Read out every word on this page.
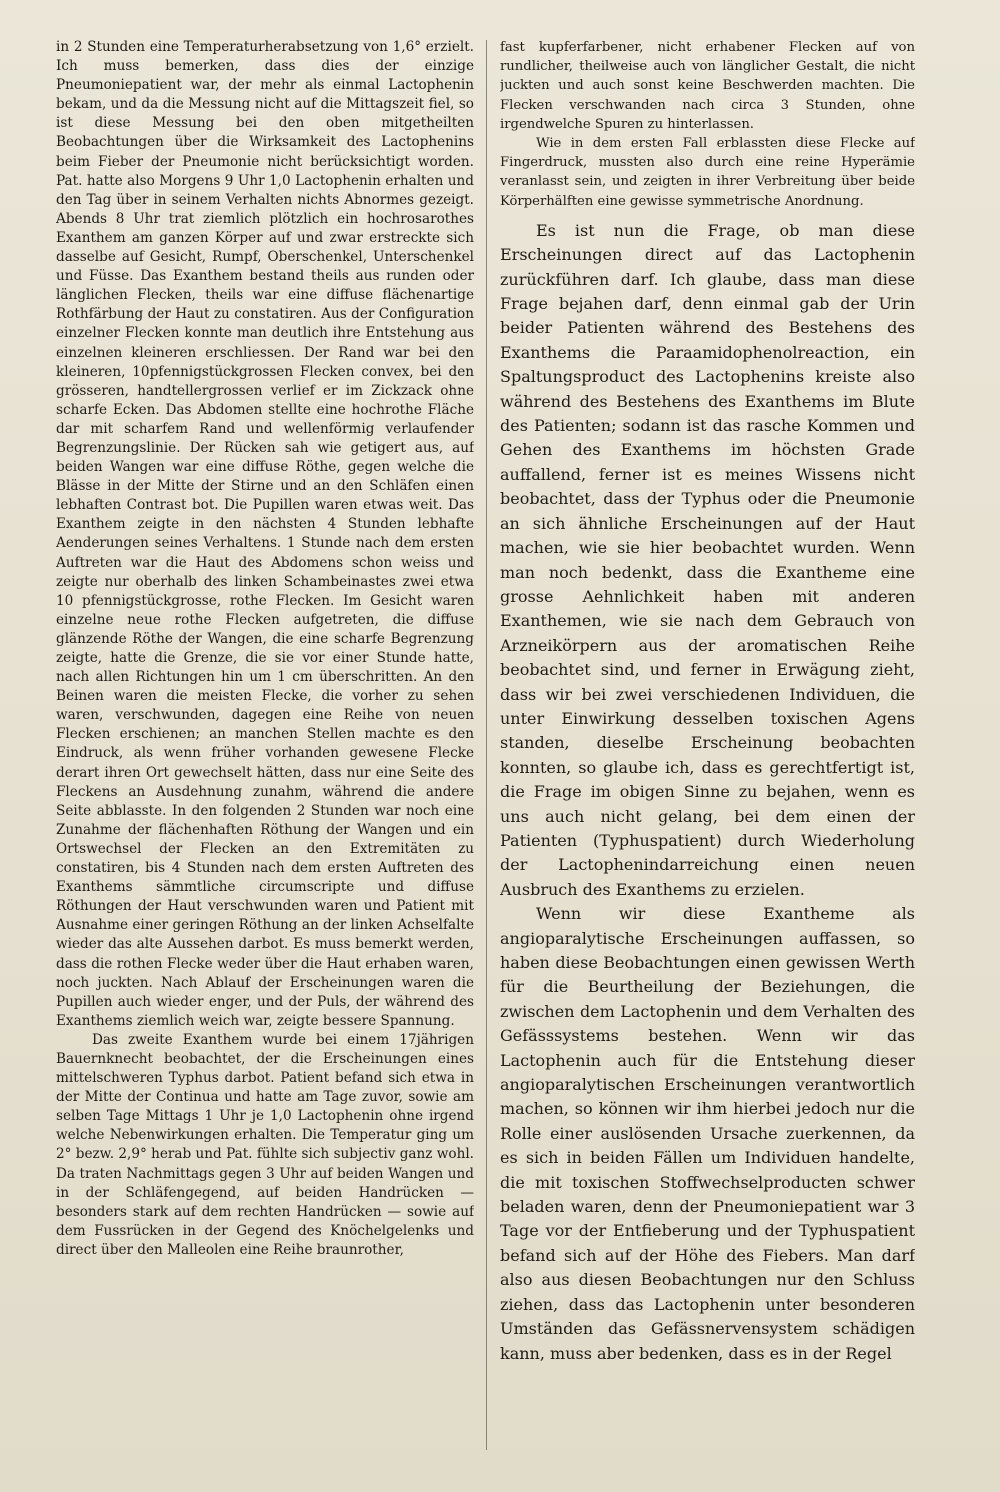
in 2 Stunden eine Temperaturherabsetzung von 1,6° erzielt. Ich muss bemerken, dass dies der einzige Pneumoniepatient war, der mehr als einmal Lactophenin bekam, und da die Messung nicht auf die Mittagszeit fiel, so ist diese Messung bei den oben mitgetheilten Beobachtungen über die Wirksamkeit des Lactophenins beim Fieber der Pneumonie nicht berücksichtigt worden. Pat. hatte also Morgens 9 Uhr 1,0 Lactophenin erhalten und den Tag über in seinem Verhalten nichts Abnormes gezeigt. Abends 8 Uhr trat ziemlich plötzlich ein hochrosarothes Exanthem am ganzen Körper auf und zwar erstreckte sich dasselbe auf Gesicht, Rumpf, Oberschenkel, Unterschenkel und Füsse. Das Exanthem bestand theils aus runden oder länglichen Flecken, theils war eine diffuse flächenartige Rothfärbung der Haut zu constatiren. Aus der Configuration einzelner Flecken konnte man deutlich ihre Entstehung aus einzelnen kleineren erschliessen. Der Rand war bei den kleineren, 10pfennigstückgrossen Flecken convex, bei den grösseren, handtellergrossen verlief er im Zickzack ohne scharfe Ecken. Das Abdomen stellte eine hochrothe Fläche dar mit scharfem Rand und wellenförmig verlaufender Begrenzungslinie. Der Rücken sah wie getigert aus, auf beiden Wangen war eine diffuse Röthe, gegen welche die Blässe in der Mitte der Stirne und an den Schläfen einen lebhaften Contrast bot. Die Pupillen waren etwas weit. Das Exanthem zeigte in den nächsten 4 Stunden lebhafte Aenderungen seines Verhaltens. 1 Stunde nach dem ersten Auftreten war die Haut des Abdomens schon weiss und zeigte nur oberhalb des linken Schambeinastes zwei etwa 10 pfennigstückgrosse, rothe Flecken. Im Gesicht waren einzelne neue rothe Flecken aufgetreten, die diffuse glänzende Röthe der Wangen, die eine scharfe Begrenzung zeigte, hatte die Grenze, die sie vor einer Stunde hatte, nach allen Richtungen hin um 1 cm überschritten. An den Beinen waren die meisten Flecke, die vorher zu sehen waren, verschwunden, dagegen eine Reihe von neuen Flecken erschienen; an manchen Stellen machte es den Eindruck, als wenn früher vorhanden gewesene Flecke derart ihren Ort gewechselt hätten, dass nur eine Seite des Fleckens an Ausdehnung zunahm, während die andere Seite abblasste. In den folgenden 2 Stunden war noch eine Zunahme der flächenhaften Röthung der Wangen und ein Ortswechsel der Flecken an den Extremitäten zu constatiren, bis 4 Stunden nach dem ersten Auftreten des Exanthems sämmtliche circumscripte und diffuse Röthungen der Haut verschwunden waren und Patient mit Ausnahme einer geringen Röthung an der linken Achselfalte wieder das alte Aussehen darbot. Es muss bemerkt werden, dass die rothen Flecke weder über die Haut erhaben waren, noch juckten. Nach Ablauf der Erscheinungen waren die Pupillen auch wieder enger, und der Puls, der während des Exanthems ziemlich weich war, zeigte bessere Spannung.

Das zweite Exanthem wurde bei einem 17jährigen Bauernknecht beobachtet, der die Erscheinungen eines mittelschweren Typhus darbot. Patient befand sich etwa in der Mitte der Continua und hatte am Tage zuvor, sowie am selben Tage Mittags 1 Uhr je 1,0 Lactophenin ohne irgend welche Nebenwirkungen erhalten. Die Temperatur ging um 2° bezw. 2,9° herab und Pat. fühlte sich subjectiv ganz wohl. Da traten Nachmittags gegen 3 Uhr auf beiden Wangen und in der Schläfengegend, auf beiden Handrücken — besonders stark auf dem rechten Handrücken — sowie auf dem Fussrücken in der Gegend des Knöchelgelenks und direct über den Malleolen eine Reihe braunrother,

fast kupferfarbener, nicht erhabener Flecken auf von rundlicher, theilweise auch von länglicher Gestalt, die nicht juckten und auch sonst keine Beschwerden machten. Die Flecken verschwanden nach circa 3 Stunden, ohne irgendwelche Spuren zu hinterlassen.

Wie in dem ersten Fall erblassten diese Flecke auf Fingerdruck, mussten also durch eine reine Hyperämie veranlasst sein, und zeigten in ihrer Verbreitung über beide Körperhälften eine gewisse symmetrische Anordnung.

Es ist nun die Frage, ob man diese Erscheinungen direct auf das Lactophenin zurückführen darf. Ich glaube, dass man diese Frage bejahen darf, denn einmal gab der Urin beider Patienten während des Bestehens des Exanthems die Paraamidophenolreaction, ein Spaltungsproduct des Lactophenins kreiste also während des Bestehens des Exanthems im Blute des Patienten; sodann ist das rasche Kommen und Gehen des Exanthems im höchsten Grade auffallend, ferner ist es meines Wissens nicht beobachtet, dass der Typhus oder die Pneumonie an sich ähnliche Erscheinungen auf der Haut machen, wie sie hier beobachtet wurden. Wenn man noch bedenkt, dass die Exantheme eine grosse Aehnlichkeit haben mit anderen Exanthemen, wie sie nach dem Gebrauch von Arzneikörpern aus der aromatischen Reihe beobachtet sind, und ferner in Erwägung zieht, dass wir bei zwei verschiedenen Individuen, die unter Einwirkung desselben toxischen Agens standen, dieselbe Erscheinung beobachten konnten, so glaube ich, dass es gerechtfertigt ist, die Frage im obigen Sinne zu bejahen, wenn es uns auch nicht gelang, bei dem einen der Patienten (Typhuspatient) durch Wiederholung der Lactophenindarreichung einen neuen Ausbruch des Exanthems zu erzielen.

Wenn wir diese Exantheme als angioparalytische Erscheinungen auffassen, so haben diese Beobachtungen einen gewissen Werth für die Beurtheilung der Beziehungen, die zwischen dem Lactophenin und dem Verhalten des Gefässsystems bestehen. Wenn wir das Lactophenin auch für die Entstehung dieser angioparalytischen Erscheinungen verantwortlich machen, so können wir ihm hierbei jedoch nur die Rolle einer auslösenden Ursache zuerkennen, da es sich in beiden Fällen um Individuen handelte, die mit toxischen Stoffwechselproducten schwer beladen waren, denn der Pneumoniepatient war 3 Tage vor der Entfieberung und der Typhuspatient befand sich auf der Höhe des Fiebers. Man darf also aus diesen Beobachtungen nur den Schluss ziehen, dass das Lactophenin unter besonderen Umständen das Gefässnervensystem schädigen kann, muss aber bedenken, dass es in der Regel
